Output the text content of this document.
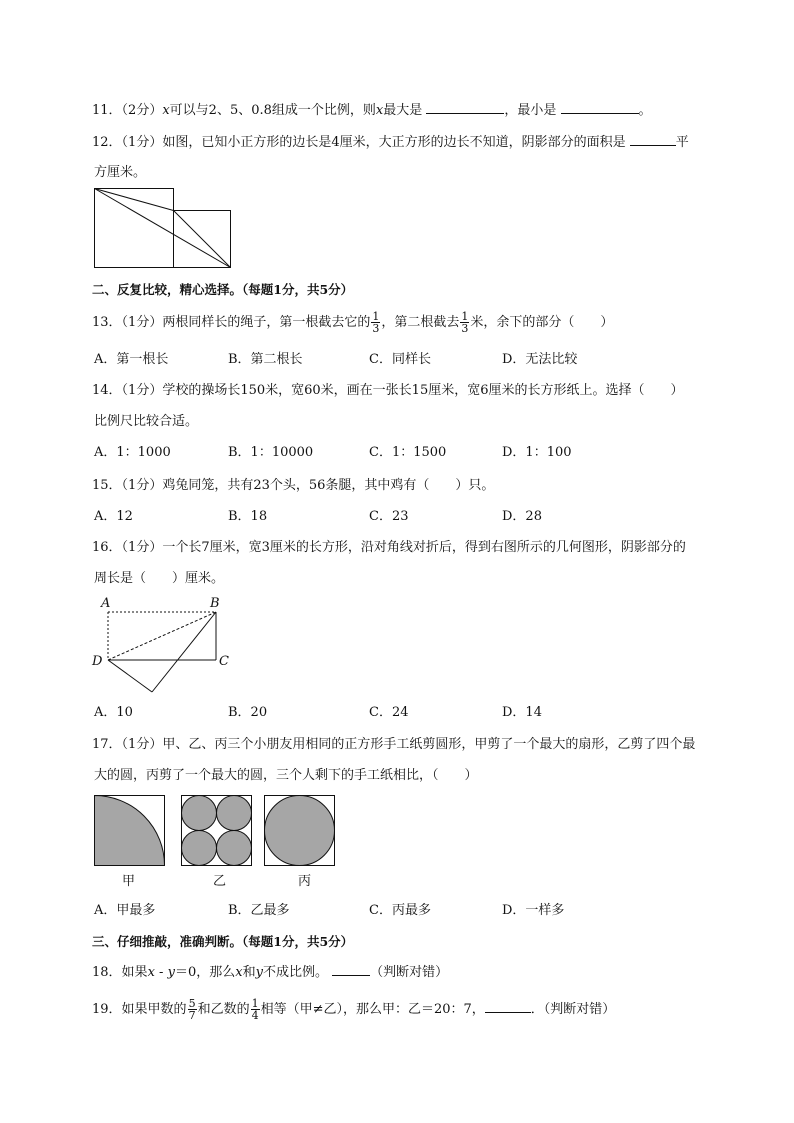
11．（2分）x可以与2、5、0.8组成一个比例，则x最大是	，最小是	。
12．（1分）如图，已知小正方形的边长是4厘米，大正方形的边长不知道，阴影部分的面积是	平
方厘米。
二、反复比较，精心选择。（每题1分，共5分）
13．（1分）两根同样长的绳子，第一根截去它的 $\frac{1}{3}$ ，第二根截去 $\frac{1}{3}$ 米，余下的部分（　　）
A．第一根长	B．第二根长	C．同样长	D．无法比较
14．（1分）学校的操场长150米，宽60米，画在一张长15厘米，宽6厘米的长方形纸上。选择（　　）
比例尺比较合适。
A．1：1000	B．1：10000	C．1：1500	D．1：100
15．（1分）鸡兔同笼，共有23个头，56条腿，其中鸡有（　　）只。
A．12	B．18	C．23	D．28
16．（1分）一个长7厘米，宽3厘米的长方形，沿对角线对折后，得到右图所示的几何图形，阴影部分的
周长是（　　）厘米。
A	B
C
D
A．10	B．20	C．24	D．14
17．（1分）甲、乙、丙三个小朋友用相同的正方形手工纸剪圆形，甲剪了一个最大的扇形，乙剪了四个最
大的圆，丙剪了一个最大的圆，三个人剩下的手工纸相比，（　　）
甲	乙	丙
A．甲最多	B．乙最多	C．丙最多	D．一样多
三、仔细推敲，准确判断。（每题1分，共5分）
18．如果x - y＝0，那么x和y不成比例。	（判断对错）
19．如果甲数的 $\frac{5}{7}$ 和乙数的 $\frac{1}{4}$ 相等（甲≠乙），那么甲：乙＝20：7，	．（判断对错）
